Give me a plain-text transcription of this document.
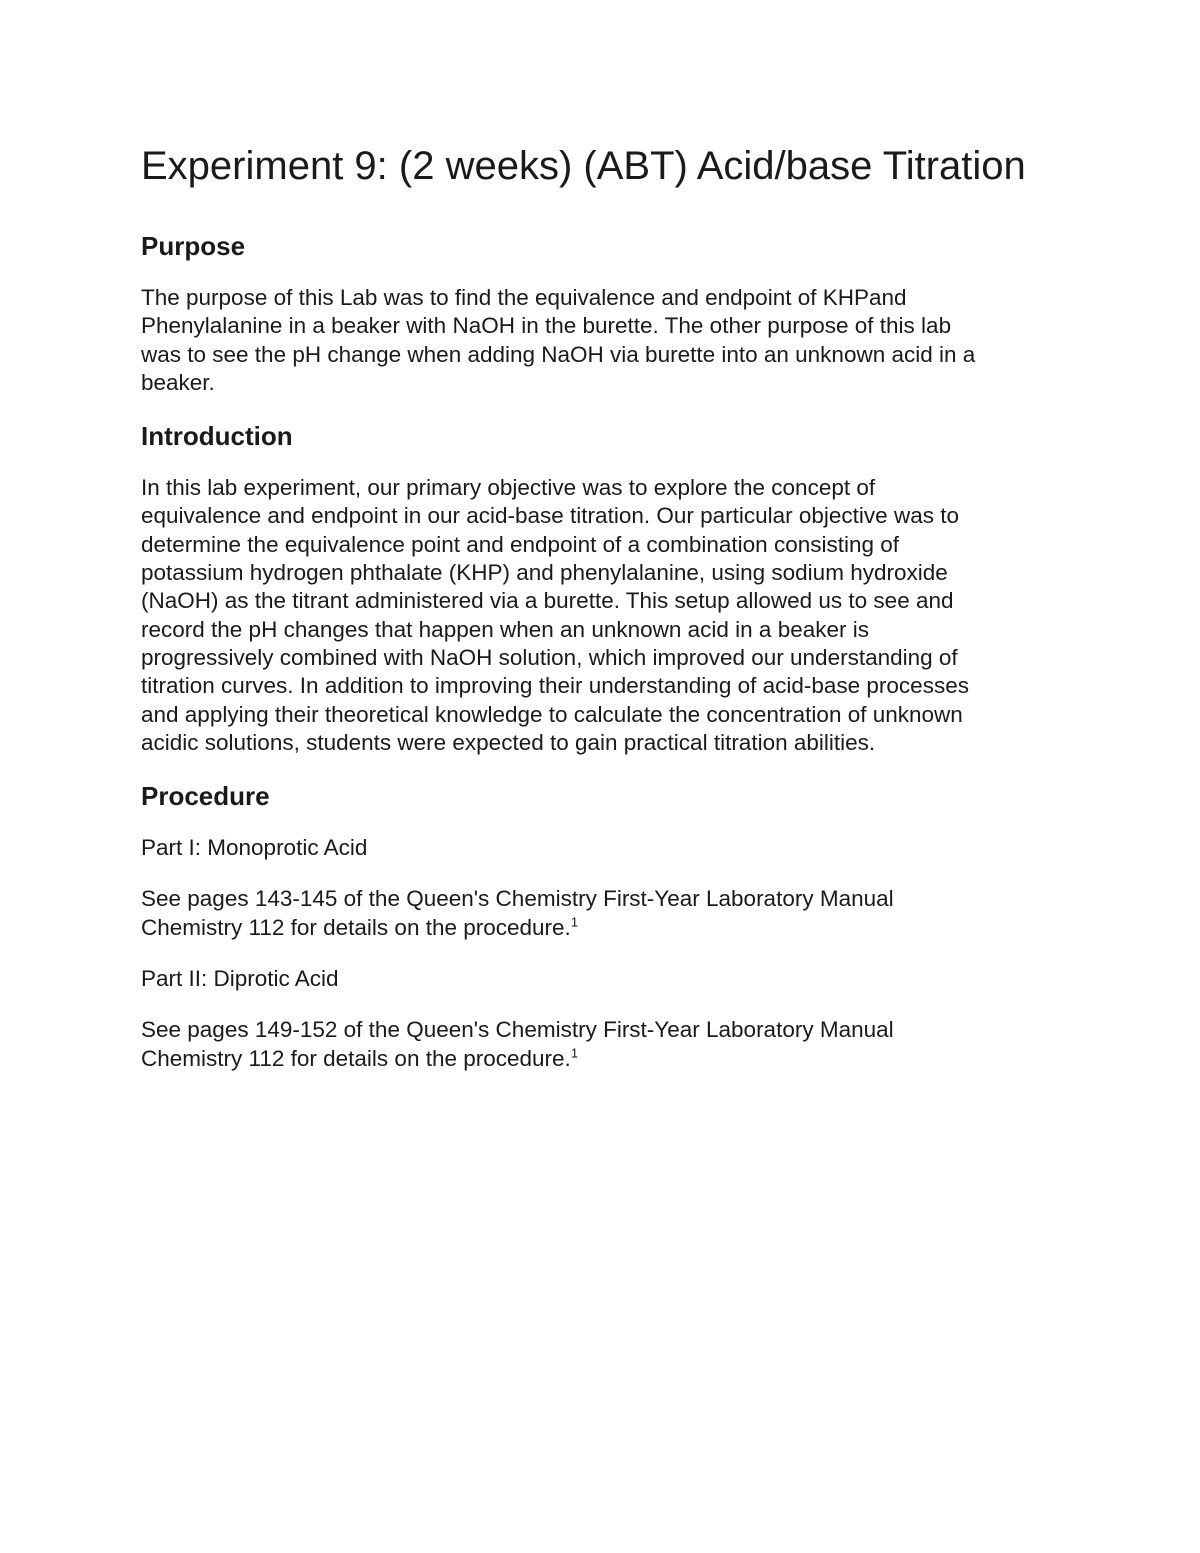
Experiment 9: (2 weeks) (ABT) Acid/base Titration
Purpose

The purpose of this Lab was to find the equivalence and endpoint of KHPand
Phenylalanine in a beaker with NaOH in the burette. The other purpose of this lab
was to see the pH change when adding NaOH via burette into an unknown acid in a
beaker.

Introduction

In this lab experiment, our primary objective was to explore the concept of
equivalence and endpoint in our acid-base titration. Our particular objective was to
determine the equivalence point and endpoint of a combination consisting of
potassium hydrogen phthalate (KHP) and phenylalanine, using sodium hydroxide
(NaOH) as the titrant administered via a burette. This setup allowed us to see and
record the pH changes that happen when an unknown acid in a beaker is
progressively combined with NaOH solution, which improved our understanding of
titration curves. In addition to improving their understanding of acid-base processes
and applying their theoretical knowledge to calculate the concentration of unknown
acidic solutions, students were expected to gain practical titration abilities.

Procedure

Part I: Monoprotic Acid

See pages 143-145 of the Queen's Chemistry First-Year Laboratory Manual
Chemistry 112 for details on the procedure.$^1$

Part II: Diprotic Acid

See pages 149-152 of the Queen's Chemistry First-Year Laboratory Manual
Chemistry 112 for details on the procedure.$^1$
